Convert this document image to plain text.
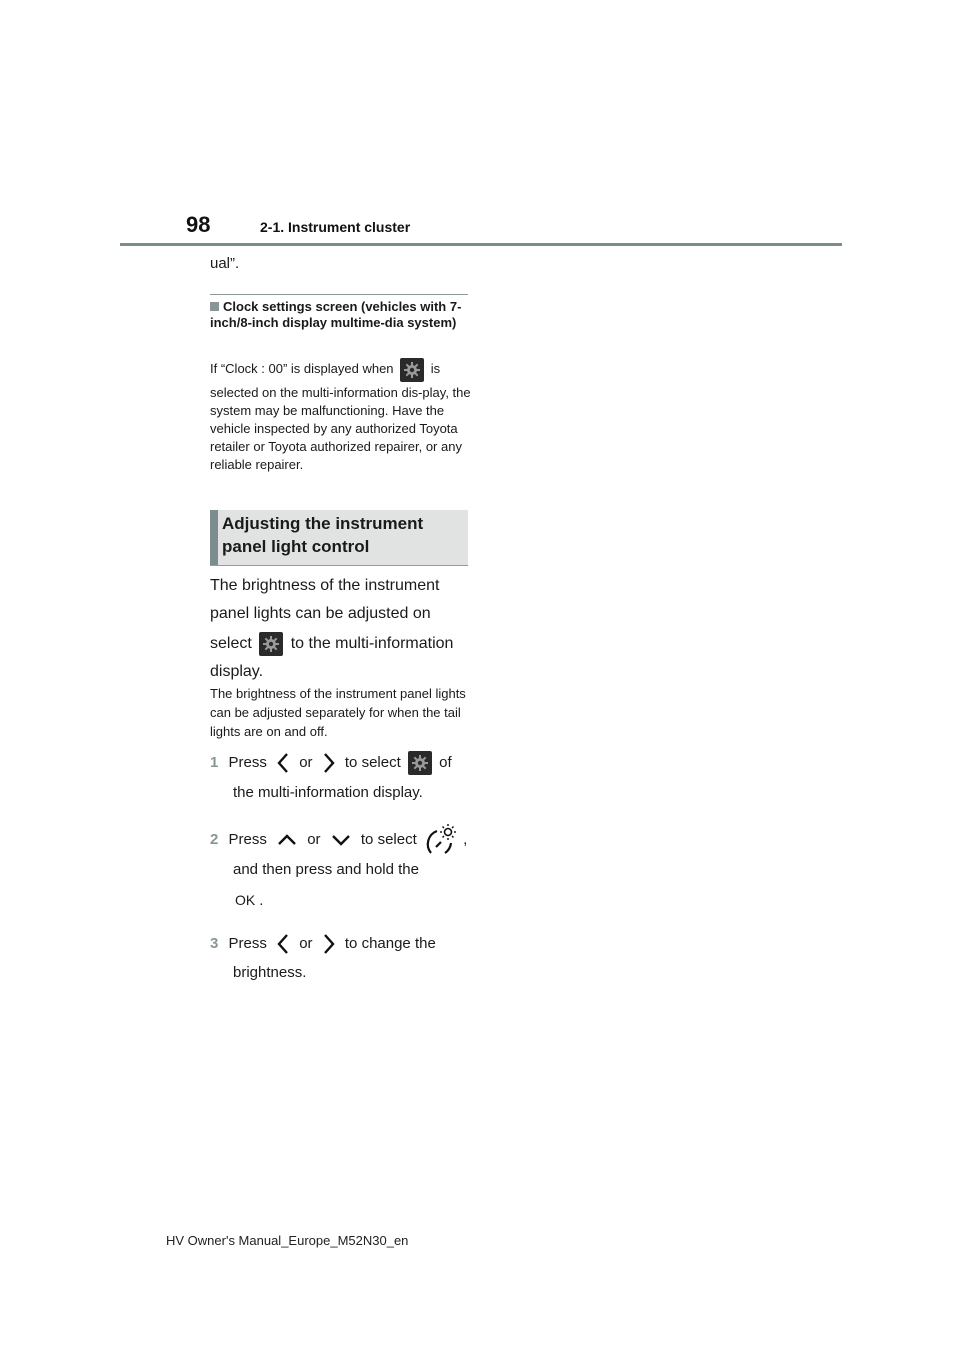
98	2-1. Instrument cluster
ual”.
Clock settings screen (vehicles with 7-inch/8-inch display multime-dia system)
If “Clock : 00” is displayed when	is
selected on the multi-information dis-play, the system may be malfunctioning. Have the vehicle inspected by any authorized Toyota retailer or Toyota authorized repairer, or any reliable repairer.
Adjusting the instrument
panel light control
The brightness of the instrument
panel lights can be adjusted on
select to the multi-information
display.
The brightness of the instrument panel lights can be adjusted separately for when the tail lights are on and off.
1 Press or to select	of
the multi-information display.
2 Press	or	to select	,
and then press and hold the
OK .
3 Press or to change the
brightness.
HV Owner's Manual_Europe_M52N30_en
